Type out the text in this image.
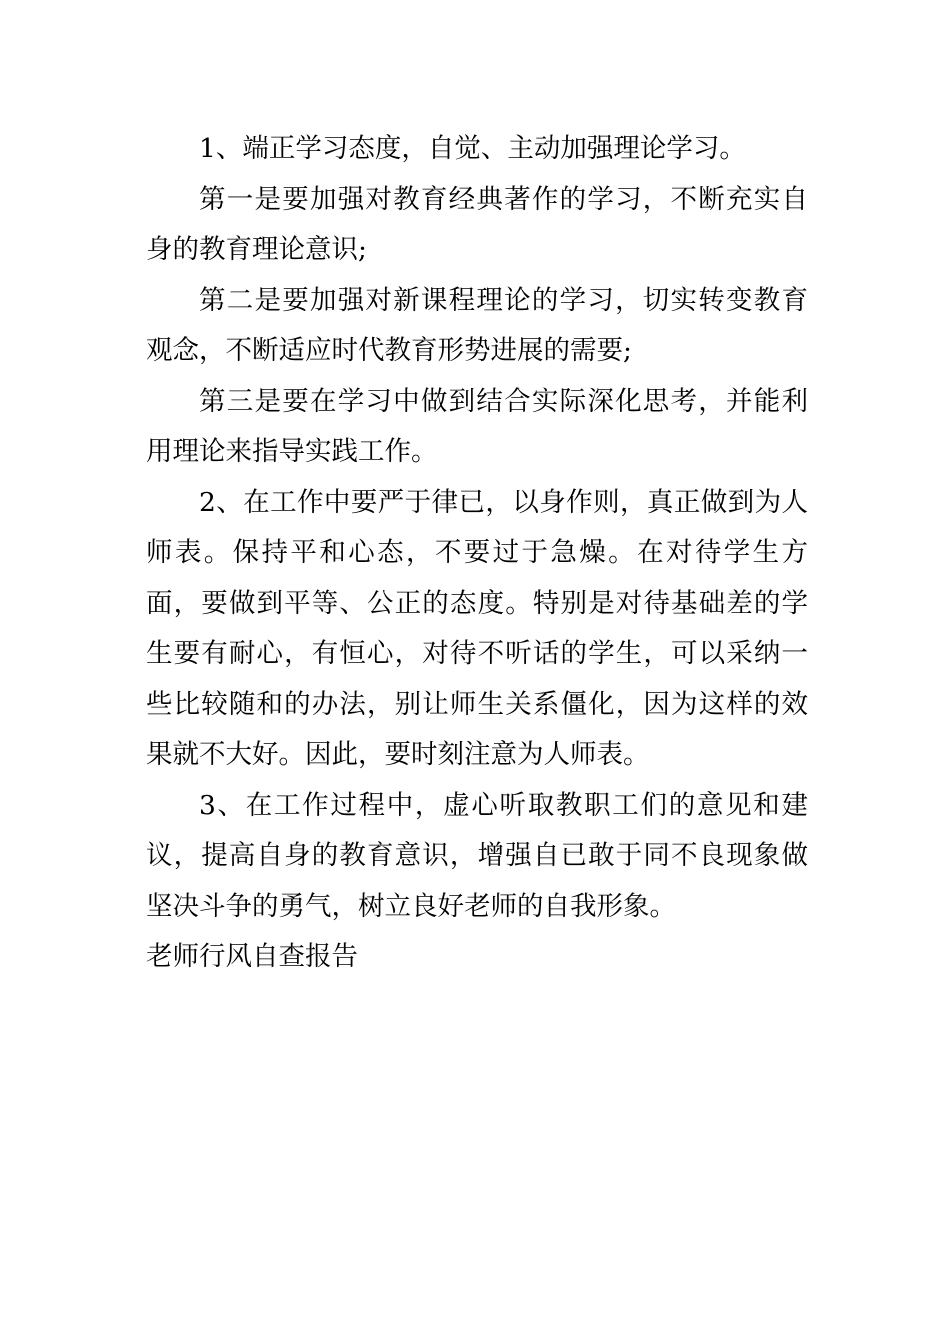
1、端正学习态度，自觉、主动加强理论学习。

第一是要加强对教育经典著作的学习，不断充实自身的教育理论意识;

第二是要加强对新课程理论的学习，切实转变教育观念，不断适应时代教育形势进展的需要;

第三是要在学习中做到结合实际深化思考，并能利用理论来指导实践工作。

2、在工作中要严于律已，以身作则，真正做到为人师表。保持平和心态，不要过于急燥。在对待学生方面，要做到平等、公正的态度。特别是对待基础差的学生要有耐心，有恒心，对待不听话的学生，可以采纳一些比较随和的办法，别让师生关系僵化，因为这样的效果就不大好。因此，要时刻注意为人师表。

3、在工作过程中，虚心听取教职工们的意见和建议，提高自身的教育意识，增强自已敢于同不良现象做坚决斗争的勇气，树立良好老师的自我形象。

老师行风自查报告
